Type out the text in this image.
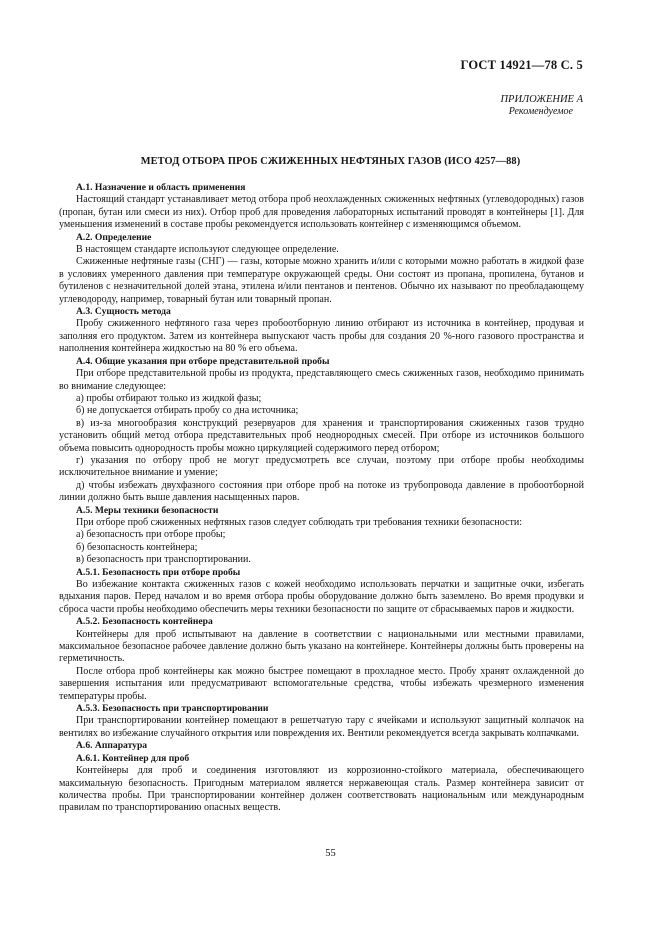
ГОСТ 14921—78 С. 5
ПРИЛОЖЕНИЕ А
Рекомендуемое
МЕТОД ОТБОРА ПРОБ СЖИЖЕННЫХ НЕФТЯНЫХ ГАЗОВ (ИСО 4257—88)

А.1. Назначение и область применения

Настоящий стандарт устанавливает метод отбора проб неохлажденных сжиженных нефтяных (углеводородных) газов (пропан, бутан или смеси из них). Отбор проб для проведения лабораторных испытаний проводят в контейнеры [1]. Для уменьшения изменений в составе пробы рекомендуется использовать контейнер с изменяющимся объемом.

А.2. Определение

В настоящем стандарте используют следующее определение.

Сжиженные нефтяные газы (СНГ) — газы, которые можно хранить и/или с которыми можно работать в жидкой фазе в условиях умеренного давления при температуре окружающей среды. Они состоят из пропана, пропилена, бутанов и бутиленов с незначительной долей этана, этилена и/или пентанов и пентенов. Обычно их называют по преобладающему углеводороду, например, товарный бутан или товарный пропан.

А.3. Сущность метода

Пробу сжиженного нефтяного газа через пробоотборную линию отбирают из источника в контейнер, продувая и заполняя его продуктом. Затем из контейнера выпускают часть пробы для создания 20 %-ного газового пространства и наполнения контейнера жидкостью на 80 % его объема.

А.4. Общие указания при отборе представительной пробы

При отборе представительной пробы из продукта, представляющего смесь сжиженных газов, необходимо принимать во внимание следующее:

а) пробы отбирают только из жидкой фазы;

б) не допускается отбирать пробу со дна источника;

в) из-за многообразия конструкций резервуаров для хранения и транспортирования сжиженных газов трудно установить общий метод отбора представительных проб неоднородных смесей. При отборе из источников большого объема повысить однородность пробы можно циркуляцией содержимого перед отбором;

г) указания по отбору проб не могут предусмотреть все случаи, поэтому при отборе пробы необходимы исключительное внимание и умение;

д) чтобы избежать двухфазного состояния при отборе проб на потоке из трубопровода давление в пробоотборной линии должно быть выше давления насыщенных паров.

А.5. Меры техники безопасности

При отборе проб сжиженных нефтяных газов следует соблюдать три требования техники безопасности:

а) безопасность при отборе пробы;

б) безопасность контейнера;

в) безопасность при транспортировании.

А.5.1. Безопасность при отборе пробы

Во избежание контакта сжиженных газов с кожей необходимо использовать перчатки и защитные очки, избегать вдыхания паров. Перед началом и во время отбора пробы оборудование должно быть заземлено. Во время продувки и сброса части пробы необходимо обеспечить меры техники безопасности по защите от сбрасываемых паров и жидкости.

А.5.2. Безопасность контейнера

Контейнеры для проб испытывают на давление в соответствии с национальными или местными правилами, максимальное безопасное рабочее давление должно быть указано на контейнере. Контейнеры должны быть проверены на герметичность.

После отбора проб контейнеры как можно быстрее помещают в прохладное место. Пробу хранят охлажденной до завершения испытания или предусматривают вспомогательные средства, чтобы избежать чрезмерного изменения температуры пробы.

А.5.3. Безопасность при транспортировании

При транспортировании контейнер помещают в решетчатую тару с ячейками и используют защитный колпачок на вентилях во избежание случайного открытия или повреждения их. Вентили рекомендуется всегда закрывать колпачками.

А.6. Аппаратура

А.6.1. Контейнер для проб

Контейнеры для проб и соединения изготовляют из коррозионно-стойкого материала, обеспечивающего максимальную безопасность. Пригодным материалом является нержавеющая сталь. Размер контейнера зависит от количества пробы. При транспортировании контейнер должен соответствовать национальным или международным правилам по транспортированию опасных веществ.

55
